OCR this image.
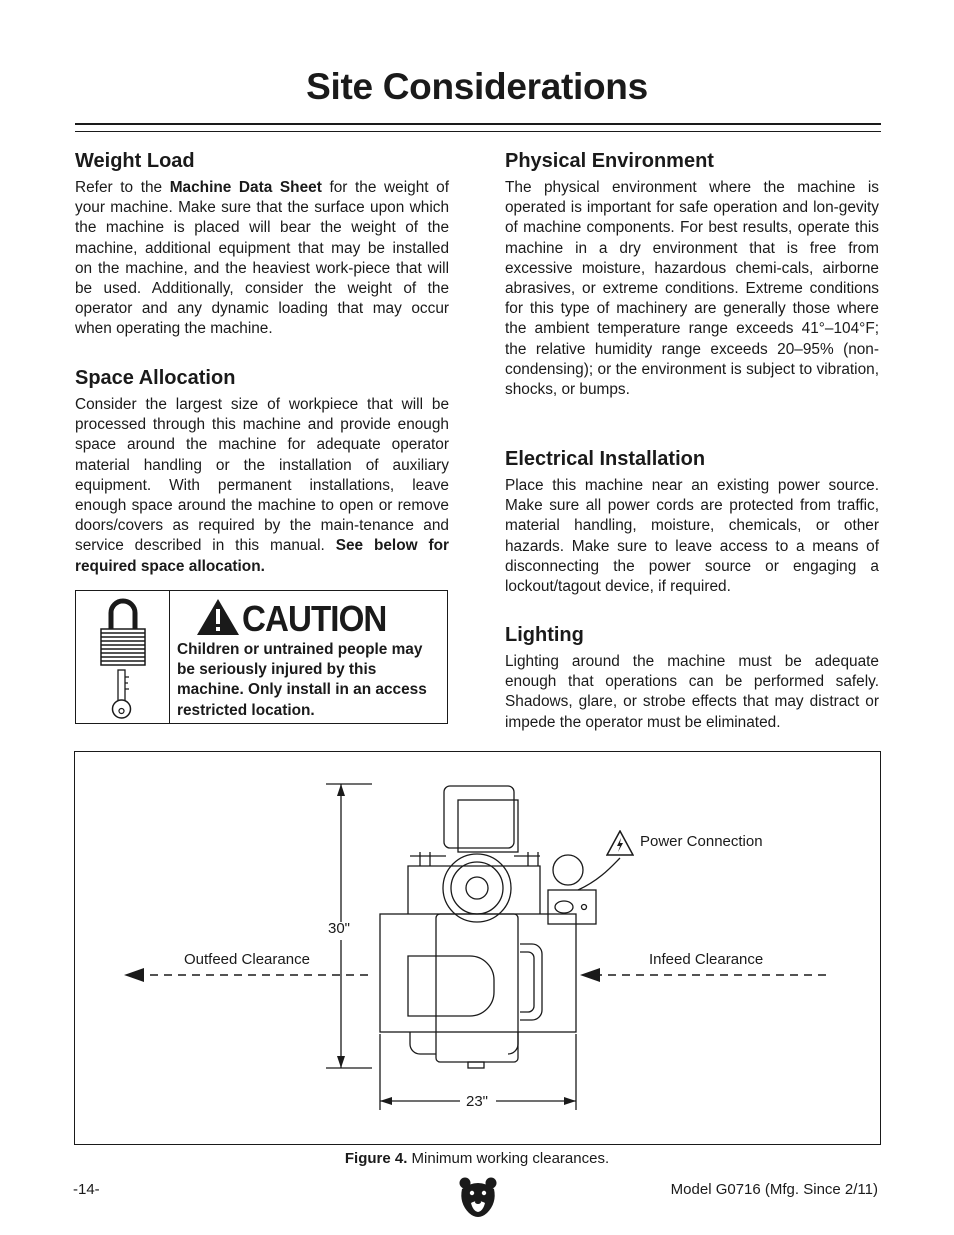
Site Considerations
Weight Load

Refer to the Machine Data Sheet for the weight of your machine. Make sure that the surface upon which the machine is placed will bear the weight of the machine, additional equipment that may be installed on the machine, and the heaviest work-piece that will be used. Additionally, consider the weight of the operator and any dynamic loading that may occur when operating the machine.

Space Allocation

Consider the largest size of workpiece that will be processed through this machine and provide enough space around the machine for adequate operator material handling or the installation of auxiliary equipment. With permanent installations, leave enough space around the machine to open or remove doors/covers as required by the main-tenance and service described in this manual. See below for required space allocation.

CAUTION

Children or untrained people may be seriously injured by this machine. Only install in an access restricted location.

Physical Environment

The physical environment where the machine is operated is important for safe operation and lon-gevity of machine components. For best results, operate this machine in a dry environment that is free from excessive moisture, hazardous chemi-cals, airborne abrasives, or extreme conditions. Extreme conditions for this type of machinery are generally those where the ambient temperature range exceeds 41°–104°F; the relative humidity range exceeds 20–95% (non-condensing); or the environment is subject to vibration, shocks, or bumps.

Electrical Installation

Place this machine near an existing power source. Make sure all power cords are protected from traffic, material handling, moisture, chemicals, or other hazards. Make sure to leave access to a means of disconnecting the power source or engaging a lockout/tagout device, if required.

Lighting

Lighting around the machine must be adequate enough that operations can be performed safely. Shadows, glare, or strobe effects that may distract or impede the operator must be eliminated.

Power Connection
Outfeed Clearance	Infeed Clearance
30"
23"
Figure 4. Minimum working clearances.
-14-	Model G0716 (Mfg. Since 2/11)
